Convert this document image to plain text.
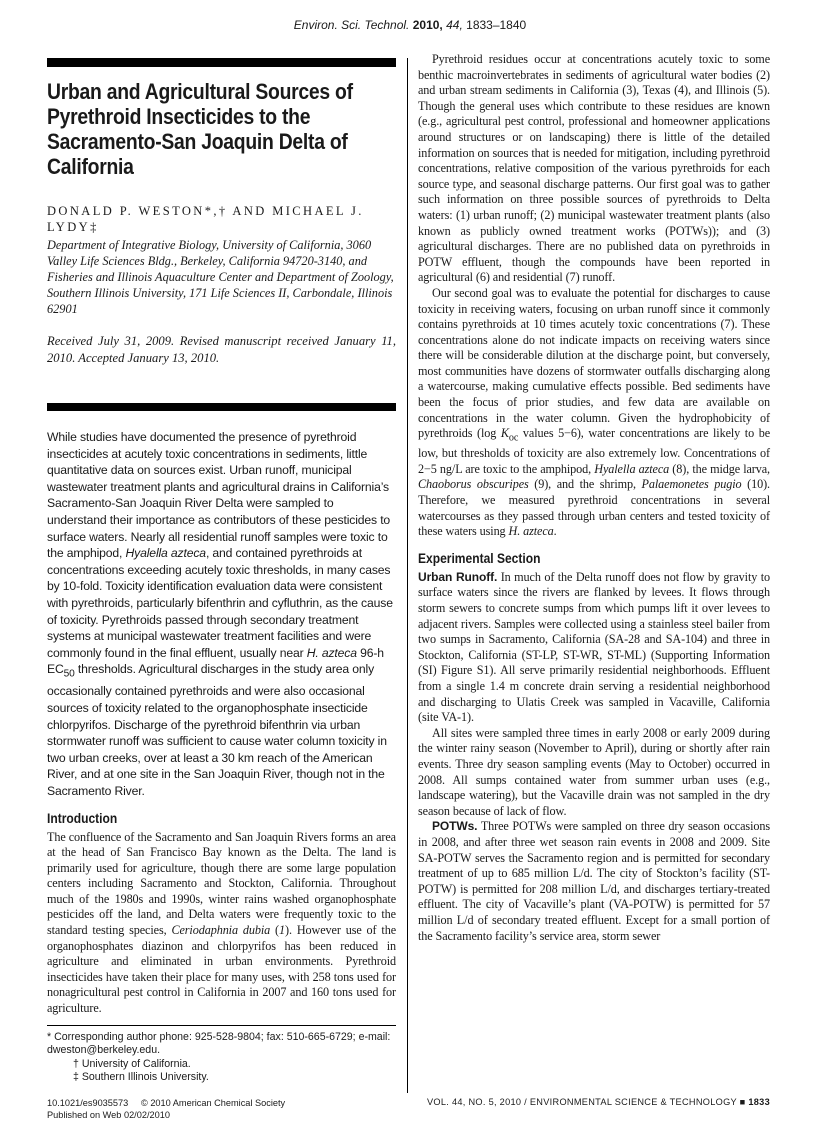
Environ. Sci. Technol. 2010, 44, 1833–1840
Urban and Agricultural Sources of Pyrethroid Insecticides to the Sacramento-San Joaquin Delta of California
DONALD P. WESTON*,† AND MICHAEL J. LYDY‡
Department of Integrative Biology, University of California, 3060 Valley Life Sciences Bldg., Berkeley, California 94720-3140, and Fisheries and Illinois Aquaculture Center and Department of Zoology, Southern Illinois University, 171 Life Sciences II, Carbondale, Illinois 62901
Received July 31, 2009. Revised manuscript received January 11, 2010. Accepted January 13, 2010.
While studies have documented the presence of pyrethroid insecticides at acutely toxic concentrations in sediments, little quantitative data on sources exist. Urban runoff, municipal wastewater treatment plants and agricultural drains in California’s Sacramento-San Joaquin River Delta were sampled to understand their importance as contributors of these pesticides to surface waters. Nearly all residential runoff samples were toxic to the amphipod, Hyalella azteca, and contained pyrethroids at concentrations exceeding acutely toxic thresholds, in many cases by 10-fold. Toxicity identification evaluation data were consistent with pyrethroids, particularly bifenthrin and cyfluthrin, as the cause of toxicity. Pyrethroids passed through secondary treatment systems at municipal wastewater treatment facilities and were commonly found in the final effluent, usually near H. azteca 96-h $EC_{50}$ thresholds. Agricultural discharges in the study area only occasionally contained pyrethroids and were also occasional sources of toxicity related to the organophosphate insecticide chlorpyrifos. Discharge of the pyrethroid bifenthrin via urban stormwater runoff was sufficient to cause water column toxicity in two urban creeks, over at least a 30 km reach of the American River, and at one site in the San Joaquin River, though not in the Sacramento River.
Introduction

The confluence of the Sacramento and San Joaquin Rivers forms an area at the head of San Francisco Bay known as the Delta. The land is primarily used for agriculture, though there are some large population centers including Sacramento and Stockton, California. Throughout much of the 1980s and 1990s, winter rains washed organophosphate pesticides off the land, and Delta waters were frequently toxic to the standard testing species, Ceriodaphnia dubia (1). However use of the organophosphates diazinon and chlorpyrifos has been reduced in agriculture and eliminated in urban environments. Pyrethroid insecticides have taken their place for many uses, with 258 tons used for nonagricultural pest control in California in 2007 and 160 tons used for agriculture.

* Corresponding author phone: 925-528-9804; fax: 510-665-6729; e-mail: dweston@berkeley.edu.
† University of California.
‡ Southern Illinois University.

Pyrethroid residues occur at concentrations acutely toxic to some benthic macroinvertebrates in sediments of agricultural water bodies (2) and urban stream sediments in California (3), Texas (4), and Illinois (5). Though the general uses which contribute to these residues are known (e.g., agricultural pest control, professional and homeowner applications around structures or on landscaping) there is little of the detailed information on sources that is needed for mitigation, including pyrethroid concentrations, relative composition of the various pyrethroids for each source type, and seasonal discharge patterns. Our first goal was to gather such information on three possible sources of pyrethroids to Delta waters: (1) urban runoff; (2) municipal wastewater treatment plants (also known as publicly owned treatment works (POTWs)); and (3) agricultural discharges. There are no published data on pyrethroids in POTW effluent, though the compounds have been reported in agricultural (6) and residential (7) runoff.

Our second goal was to evaluate the potential for discharges to cause toxicity in receiving waters, focusing on urban runoff since it commonly contains pyrethroids at 10 times acutely toxic concentrations (7). These concentrations alone do not indicate impacts on receiving waters since there will be considerable dilution at the discharge point, but conversely, most communities have dozens of stormwater outfalls discharging along a watercourse, making cumulative effects possible. Bed sediments have been the focus of prior studies, and few data are available on concentrations in the water column. Given the hydrophobicity of pyrethroids (log $K_{oc}$ values 5−6), water concentrations are likely to be low, but thresholds of toxicity are also extremely low. Concentrations of 2−5 ng/L are toxic to the amphipod, Hyalella azteca (8), the midge larva, Chaoborus obscuripes (9), and the shrimp, Palaemonetes pugio (10). Therefore, we measured pyrethroid concentrations in several watercourses as they passed through urban centers and tested toxicity of these waters using H. azteca.

Experimental Section

Urban Runoff. In much of the Delta runoff does not flow by gravity to surface waters since the rivers are flanked by levees. It flows through storm sewers to concrete sumps from which pumps lift it over levees to adjacent rivers. Samples were collected using a stainless steel bailer from two sumps in Sacramento, California (SA-28 and SA-104) and three in Stockton, California (ST-LP, ST-WR, ST-ML) (Supporting Information (SI) Figure S1). All serve primarily residential neighborhoods. Effluent from a single 1.4 m concrete drain serving a residential neighborhood and discharging to Ulatis Creek was sampled in Vacaville, California (site VA-1).

All sites were sampled three times in early 2008 or early 2009 during the winter rainy season (November to April), during or shortly after rain events. Three dry season sampling events (May to October) occurred in 2008. All sumps contained water from summer urban uses (e.g., landscape watering), but the Vacaville drain was not sampled in the dry season because of lack of flow.

POTWs. Three POTWs were sampled on three dry season occasions in 2008, and after three wet season rain events in 2008 and 2009. Site SA-POTW serves the Sacramento region and is permitted for secondary treatment of up to 685 million L/d. The city of Stockton’s facility (ST-POTW) is permitted for 208 million L/d, and discharges tertiary-treated effluent. The city of Vacaville’s plant (VA-POTW) is permitted for 57 million L/d of secondary treated effluent. Except for a small portion of the Sacramento facility’s service area, storm sewer

10.1021/es9035573 © 2010 American Chemical Society
Published on Web 02/02/2010
VOL. 44, NO. 5, 2010 / ENVIRONMENTAL SCIENCE & TECHNOLOGY ■ 1833
